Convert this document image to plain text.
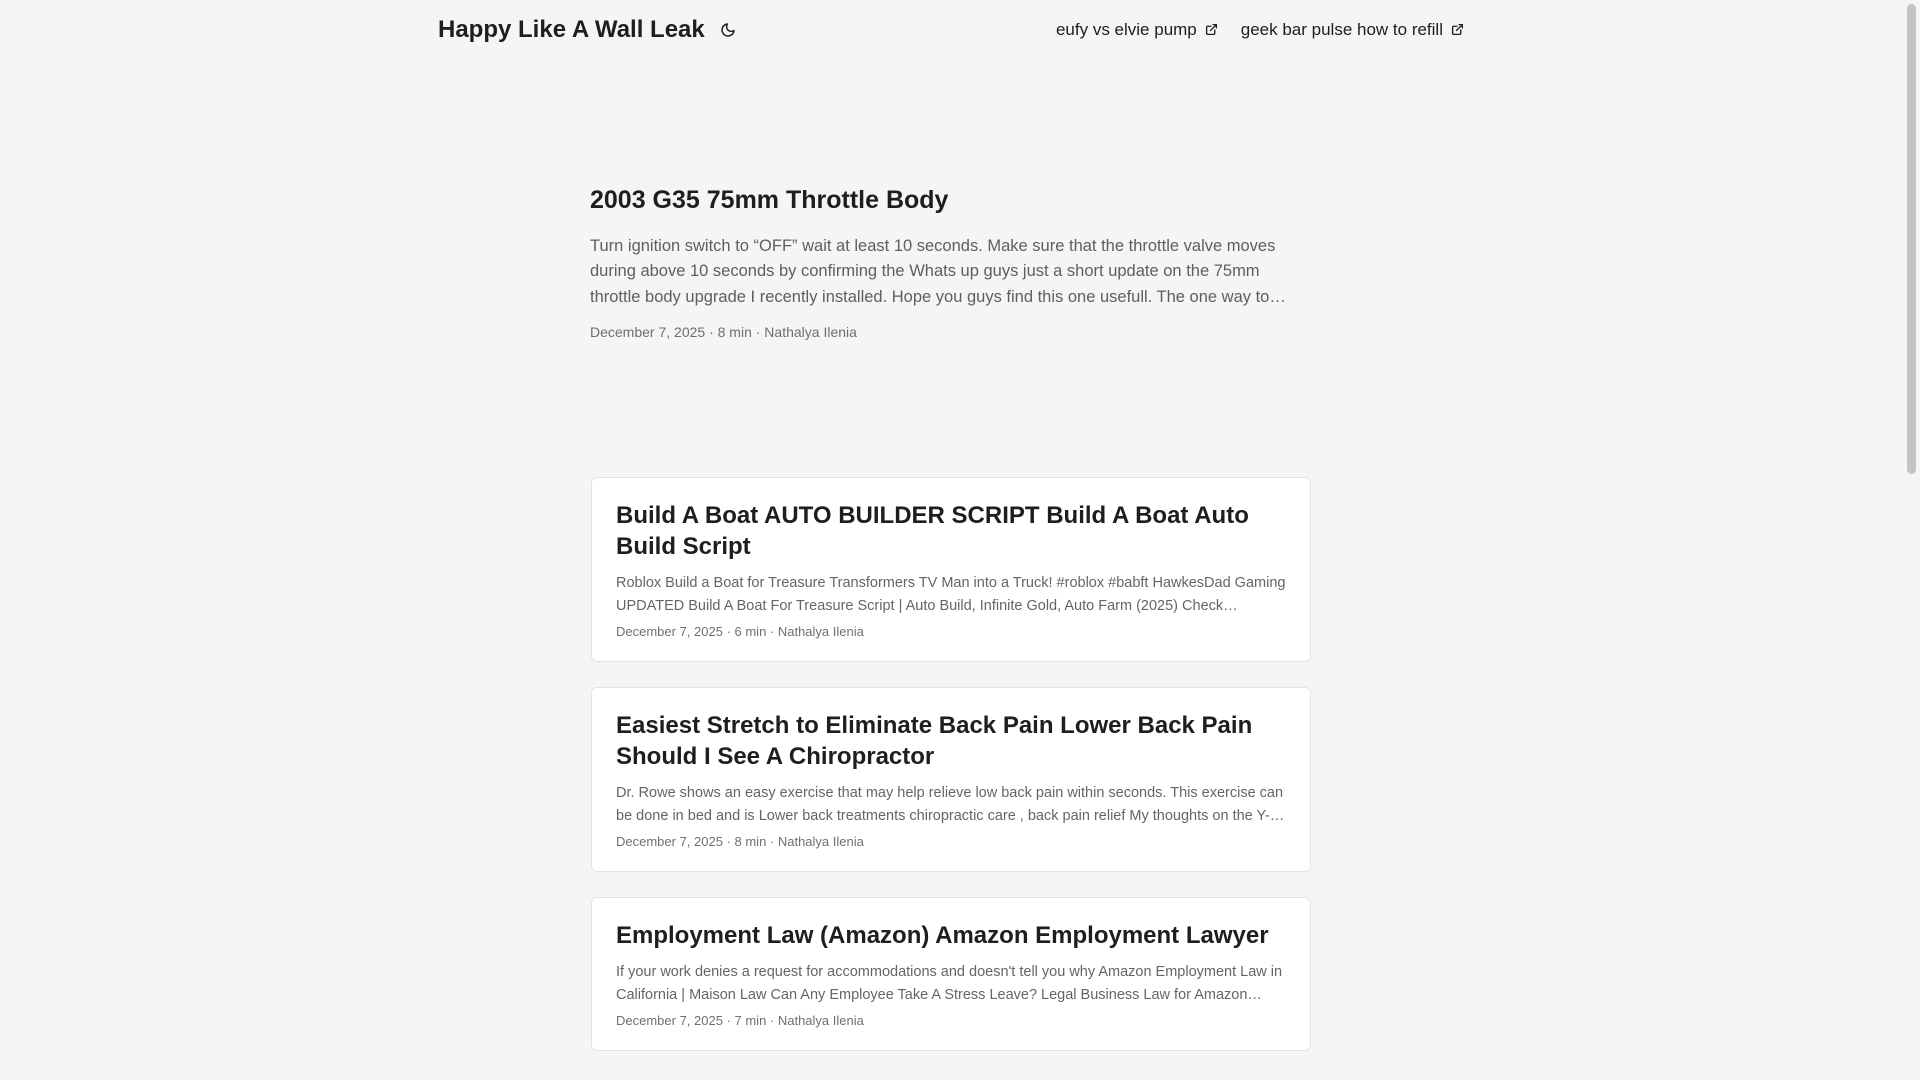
Happy Like A Wall Leak	eufy vs elvie pump	geek bar pulse how to refill
2003 G35 75mm Throttle Body

Turn ignition switch to “OFF” wait at least 10 seconds. Make sure that the throttle valve moves during above 10 seconds by confirming the Whats up guys just a short update on the 75mm throttle body upgrade I recently installed. Hope you guys find this one usefull. The one way to

December 7, 2025 · 8 min · Nathalya Ilenia
Build A Boat AUTO BUILDER SCRIPT Build A Boat Auto Build Script

Roblox Build a Boat for Treasure Transformers TV Man into a Truck! #roblox #babft HawkesDad Gaming UPDATED Build A Boat For Treasure Script | Auto Build, Infinite Gold, Auto Farm (2025) Check

December 7, 2025 · 6 min · Nathalya Ilenia
Easiest Stretch to Eliminate Back Pain Lower Back Pain Should I See A Chiropractor

Dr. Rowe shows an easy exercise that may help relieve low back pain within seconds. This exercise can be done in bed and is Lower back treatments chiropractic care , back pain relief My thoughts on the Y-

December 7, 2025 · 8 min · Nathalya Ilenia
Employment Law (Amazon) Amazon Employment Lawyer

If your work denies a request for accommodations and doesn't tell you why Amazon Employment Law in California | Maison Law Can Any Employee Take A Stress Leave? Legal Business Law for Amazon

December 7, 2025 · 7 min · Nathalya Ilenia
